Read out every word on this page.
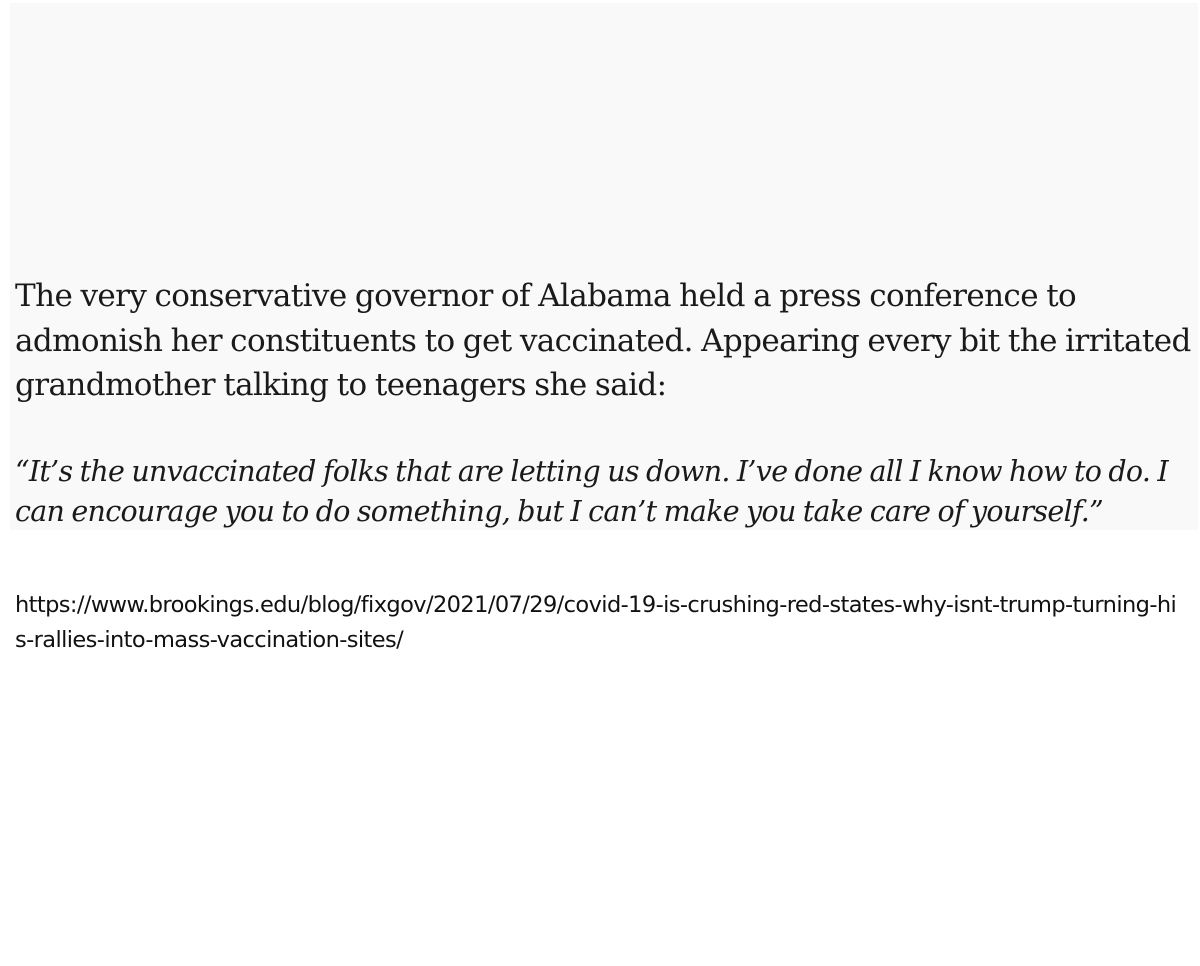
The very conservative governor of Alabama held a press conference to admonish her constituents to get vaccinated. Appearing every bit the irritated grandmother talking to teenagers she said:

“It’s the unvaccinated folks that are letting us down. I’ve done all I know how to do. I can encourage you to do something, but I can’t make you take care of yourself.”

https://www.brookings.edu/blog/fixgov/2021/07/29/covid-19-is-crushing-red-states-why-isnt-trump-turning-his-rallies-into-mass-vaccination-sites/
